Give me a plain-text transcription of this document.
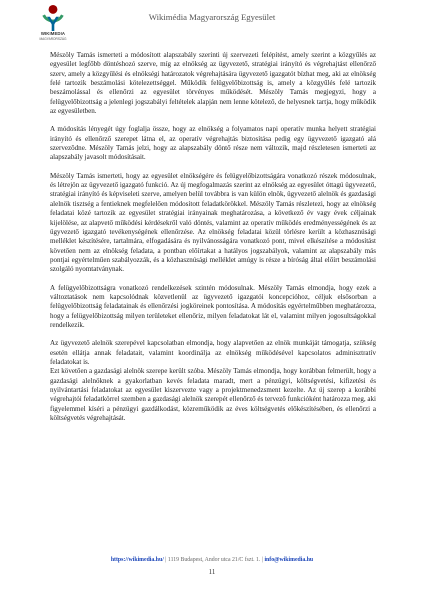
WIKIMEDIA
MAGYARORSZÁG
Wikimédia Magyarország Egyesület

Mészöly Tamás ismerteti a módosított alapszabály szerinti új szervezeti felépítést, amely szerint a közgyűlés az egyesület legfőbb döntéshozó szerve, míg az elnökség az ügyvezető, stratégiai irányító és végrehajtást ellenőrző szerv, amely a közgyűlési és elnökségi határozatok végrehajtására ügyvezető igazgatót bízhat meg, aki az elnökség felé tartozik beszámolási kötelezettséggel. Működik felügyelőbizottság is, amely a közgyűlés felé tartozik beszámolással és ellenőrzi az egyesület törvényes működését. Mészöly Tamás megjegyzi, hogy a felügyelőbizottság a jelenlegi jogszabályi feltételek alapján nem lenne kötelező, de helyesnek tartja, hogy működik az egyesületben.

A módosítás lényegét úgy foglalja össze, hogy az elnökség a folyamatos napi operatív munka helyett stratégiai irányító és ellenőrző szerepet látna el, az operatív végrehajtás biztosítása pedig egy ügyvezető igazgató alá szervezõdne. Mészöly Tamás jelzi, hogy az alapszabály döntő része nem változik, majd részletesen ismerteti az alapszabály javasolt módosításait.

Mészöly Tamás ismerteti, hogy az egyesület elnökségére és felügyelőbizottságára vonatkozó részek módosulnak, és létrejön az ügyvezető igazgató funkció. Az új megfogalmazás szerint az elnökség az egyesület óttagú ügyvezető, stratégiai irányító és képviseleti szerve, amelyen belül továbbra is van külön elnök, ügyvezető alelnök és gazdasági alelnök tisztség a fentieknek megfelelően módosított feladatkörökkel. Mészöly Tamás részletezi, hogy az elnökség feladatai közé tartozik az egyesület stratégiai irányainak meghatározása, a következő év vagy évek céljainak kijelölése, az alapvető működési kérdésekről való döntés, valamint az operatív működés eredményességének és az ügyvezető igazgató tevékenységének ellenőrzése. Az elnökség feladatai közül törlésre került a közhasznúsági melléklet készítésére, tartalmára, elfogadására és nyilvánosságára vonatkozó pont, mivel elkészítése a módosítást követően nem az elnökség feladata, a pontban előírtakat a hatályos jogszabályok, valamint az alapszabály más pontjai egyértelműen szabályozzák, és a közhasznúsági melléklet amúgy is része a bíróság által előírt beszámolási szolgáló nyomtatványnak.

A felügyelőbizottságra vonatkozó rendelkezések szintén módosulnak. Mészöly Tamás elmondja, hogy ezek a változtatások nem kapcsolódnak közvetlenül az ügyvezető igazgatói koncepcióhoz, céljuk elsősorban a felügyelőbizottság feladatainak és ellenőrzési jogköreinek pontosítása. A módosítás egyértelműbben meghatározza, hogy a felügyelőbizottság milyen területeket ellenőriz, milyen feladatokat lát el, valamint milyen jogosultságokkal rendelkezik.

Az ügyvezető alelnök szerepével kapcsolatban elmondja, hogy alapvetően az elnök munkáját támogatja, szükség esetén ellátja annak feladatait, valamint koordinálja az elnökség működésével kapcsolatos adminisztratív feladatokat is.

Ezt követően a gazdasági alelnök szerepe került szóba. Mészöly Tamás elmondja, hogy korábban felmerült, hogy a gazdasági alelnöknek a gyakorlatban kevés feladata maradt, mert a pénzügyi, költségvetési, kifizetési és nyilvántartási feladatokat az egyesület kiszervezte vagy a projektmenedzsment kezelte. Az új szerep a korábbi végrehajtói feladatkörrel szemben a gazdasági alelnök szerepét ellenőrző és tervező funkcióként határozza meg, aki figyelemmel kíséri a pénzügyi gazdálkodást, közreműködik az éves költségvetés előkészítésében, és ellenőrzi a költségvetés végrehajtását.

https://wikimedia.hu/ | 1119 Budapest, Andor utca 21/C fszt. 1. | info@wikimedia.hu
11
